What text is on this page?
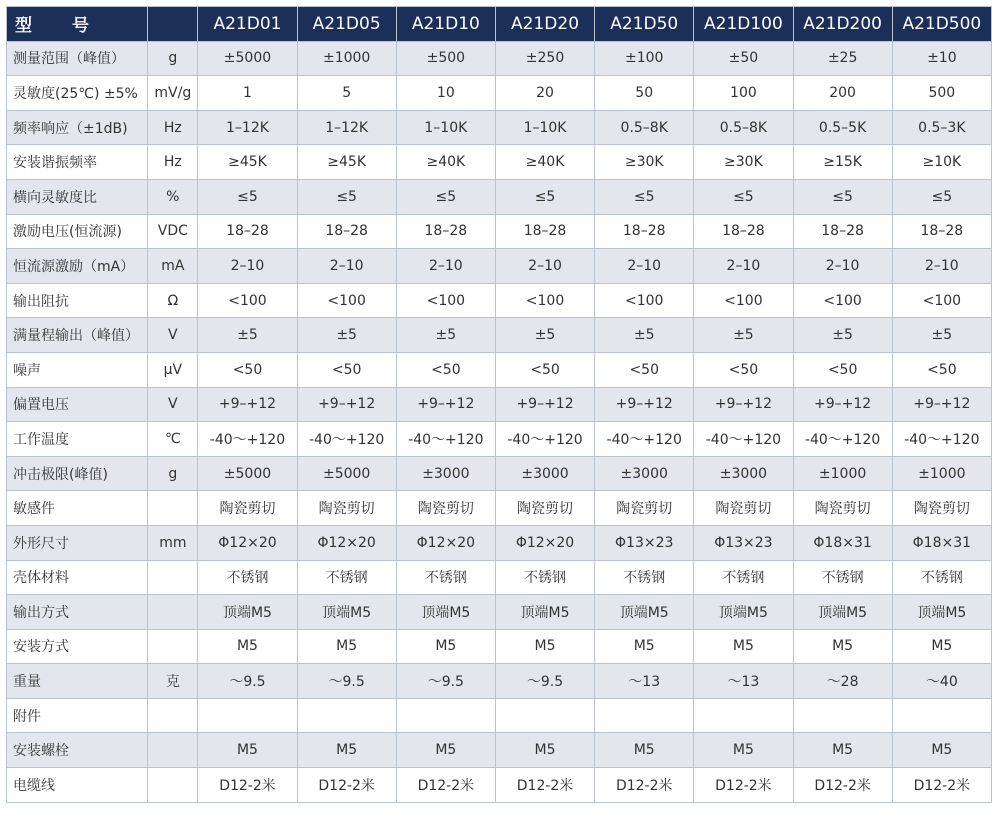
型　　号		A21D01	A21D05	A21D10	A21D20	A21D50	A21D100	A21D200	A21D500
测量范围（峰值）	g	±5000	±1000	±500	±250	±100	±50	±25	±10
灵敏度(25℃) ±5%	mV/g	1	5	10	20	50	100	200	500
频率响应（±1dB)	Hz	1–12K	1–12K	1–10K	1–10K	0.5–8K	0.5–8K	0.5–5K	0.5–3K
安装谐振频率	Hz	≥45K	≥45K	≥40K	≥40K	≥30K	≥30K	≥15K	≥10K
横向灵敏度比	%	≤5	≤5	≤5	≤5	≤5	≤5	≤5	≤5
激励电压(恒流源)	VDC	18–28	18–28	18–28	18–28	18–28	18–28	18–28	18–28
恒流源激励（mA）	mA	2–10	2–10	2–10	2–10	2–10	2–10	2–10	2–10
输出阻抗	Ω	<100	<100	<100	<100	<100	<100	<100	<100
满量程输出（峰值）	V	±5	±5	±5	±5	±5	±5	±5	±5
噪声	μV	<50	<50	<50	<50	<50	<50	<50	<50
偏置电压	V	+9–+12	+9–+12	+9–+12	+9–+12	+9–+12	+9–+12	+9–+12	+9–+12
工作温度	℃	-40～+120	-40～+120	-40～+120	-40～+120	-40～+120	-40～+120	-40～+120	-40～+120
冲击极限(峰值)	g	±5000	±5000	±3000	±3000	±3000	±3000	±1000	±1000
敏感件		陶瓷剪切	陶瓷剪切	陶瓷剪切	陶瓷剪切	陶瓷剪切	陶瓷剪切	陶瓷剪切	陶瓷剪切
外形尺寸	mm	Φ12×20	Φ12×20	Φ12×20	Φ12×20	Φ13×23	Φ13×23	Φ18×31	Φ18×31
壳体材料		不锈钢	不锈钢	不锈钢	不锈钢	不锈钢	不锈钢	不锈钢	不锈钢
输出方式		顶端M5	顶端M5	顶端M5	顶端M5	顶端M5	顶端M5	顶端M5	顶端M5
安装方式		M5	M5	M5	M5	M5	M5	M5	M5
重量	克	～9.5	～9.5	～9.5	～9.5	～13	～13	～28	～40
附件									
安装螺栓		M5	M5	M5	M5	M5	M5	M5	M5
电缆线		D12-2米	D12-2米	D12-2米	D12-2米	D12-2米	D12-2米	D12-2米	D12-2米
